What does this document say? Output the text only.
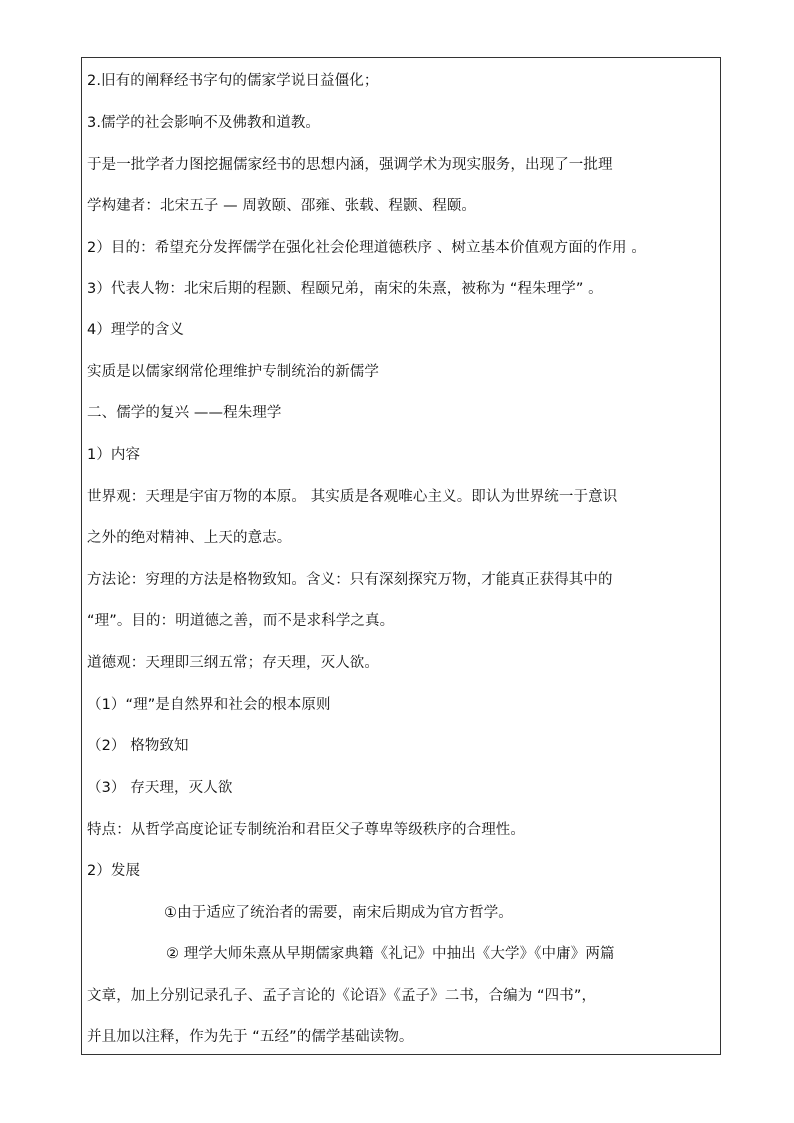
2.旧有的阐释经书字句的儒家学说日益僵化；
3.儒学的社会影响不及佛教和道教。
于是一批学者力图挖掘儒家经书的思想内涵，强调学术为现实服务，出现了一批理
学构建者：北宋五子 — 周敦颐、邵雍、张载、程颢、程颐。
2）目的：希望充分发挥儒学在强化社会伦理道德秩序 、树立基本价值观方面的作用 。
3）代表人物：北宋后期的程颢、程颐兄弟，南宋的朱熹，被称为 “程朱理学” 。
4）理学的含义
实质是以儒家纲常伦理维护专制统治的新儒学
二、儒学的复兴 ——程朱理学
1）内容
世界观：天理是宇宙万物的本原。 其实质是各观唯心主义。即认为世界统一于意识
之外的绝对精神、上天的意志。
方法论：穷理的方法是格物致知。含义：只有深刻探究万物，才能真正获得其中的
“理”。目的：明道德之善，而不是求科学之真。
道德观：天理即三纲五常；存天理，灭人欲。
（1）“理”是自然界和社会的根本原则
（2） 格物致知
（3） 存天理，灭人欲
特点：从哲学高度论证专制统治和君臣父子尊卑等级秩序的合理性。
2）发展
①由于适应了统治者的需要，南宋后期成为官方哲学。
② 理学大师朱熹从早期儒家典籍《礼记》中抽出《大学》《中庸》两篇
文章，加上分别记录孔子、孟子言论的《论语》《孟子》二书，合编为 “四书”，
并且加以注释，作为先于 “五经”的儒学基础读物。
